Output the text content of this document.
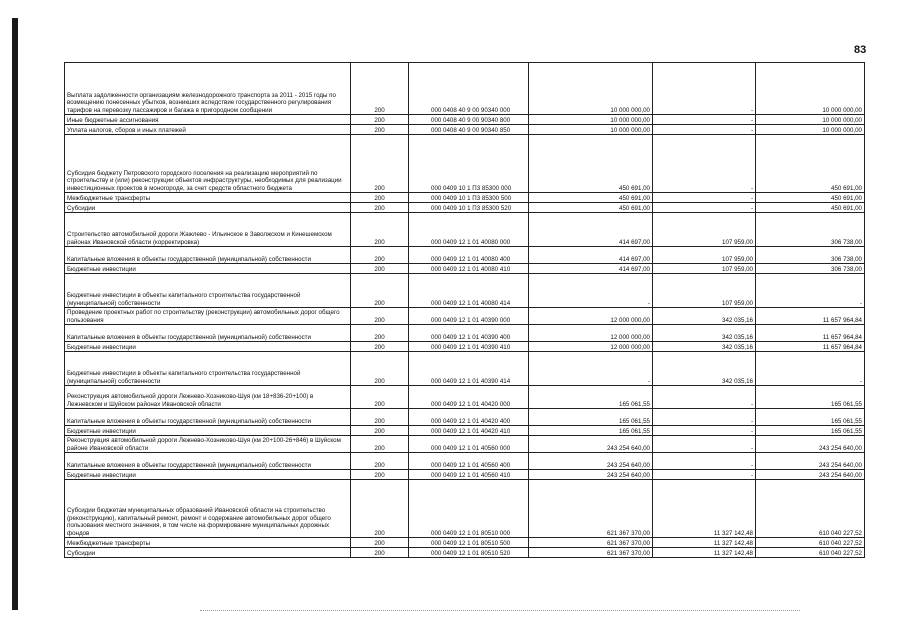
83
Выплата задолженности организациям железнодорожного транспорта за 2011 - 2015 годы по возмещению понесенных убытков, возникших вследствие государственного регулирования тарифов на перевозку пассажиров и багажа в пригородном сообщении	200	000 0408 40 9 00 90340 000	10 000 000,00	-	10 000 000,00
Иные бюджетные ассигнования	200	000 0408 40 9 00 90340 800	10 000 000,00	-	10 000 000,00
Уплата налогов, сборов и иных платежей	200	000 0408 40 9 00 90340 850	10 000 000,00	-	10 000 000,00
Субсидия бюджету Петровского городского поселения на реализацию мероприятий по строительству и (или) реконструкции объектов инфраструктуры, необходимых для реализации инвестиционных проектов в моногороде, за счет средств областного бюджета	200	000 0409 10 1 П3 85300 000	450 691,00	-	450 691,00
Межбюджетные трансферты	200	000 0409 10 1 П3 85300 500	450 691,00	-	450 691,00
Субсидии	200	000 0409 10 1 П3 85300 520	450 691,00	-	450 691,00
Строительство автомобильной дороги Жажлево - Ильинское в Заволжском и Кинешемском районах Ивановской области (корректировка)	200	000 0409 12 1 01 40080 000	414 697,00	107 959,00	306 738,00
Капитальные вложения в объекты государственной (муниципальной) собственности	200	000 0409 12 1 01 40080 400	414 697,00	107 959,00	306 738,00
Бюджетные инвестиции	200	000 0409 12 1 01 40080 410	414 697,00	107 959,00	306 738,00
Бюджетные инвестиции в объекты капитального строительства государственной (муниципальной) собственности	200	000 0409 12 1 01 40080 414	-	107 959,00	-
Проведение проектных работ по строительству (реконструкции) автомобильных дорог общего пользования	200	000 0409 12 1 01 40390 000	12 000 000,00	342 035,16	11 657 964,84
Капитальные вложения в объекты государственной (муниципальной) собственности	200	000 0409 12 1 01 40390 400	12 000 000,00	342 035,16	11 657 964,84
Бюджетные инвестиции	200	000 0409 12 1 01 40390 410	12 000 000,00	342 035,16	11 657 964,84
Бюджетные инвестиции в объекты капитального строительства государственной (муниципальной) собственности	200	000 0409 12 1 01 40390 414	-	342 035,16	-
Реконструкция автомобильной дороги Лежнево-Хозниково-Шуя (км 18+836-20+100) в Лежневском и Шуйском районах Ивановской области	200	000 0409 12 1 01 40420 000	165 061,55	-	165 061,55
Капитальные вложения в объекты государственной (муниципальной) собственности	200	000 0409 12 1 01 40420 400	165 061,55	-	165 061,55
Бюджетные инвестиции	200	000 0409 12 1 01 40420 410	165 061,55	-	165 061,55
Реконструкция автомобильной дороги Лежнево-Хозниково-Шуя (км 20+100-26+846) в Шуйском районе Ивановской области	200	000 0409 12 1 01 40560 000	243 254 640,00	-	243 254 640,00
Капитальные вложения в объекты государственной (муниципальной) собственности	200	000 0409 12 1 01 40560 400	243 254 640,00	-	243 254 640,00
Бюджетные инвестиции	200	000 0409 12 1 01 40560 410	243 254 640,00	-	243 254 640,00
Субсидии бюджетам муниципальных образований Ивановской области на строительство (реконструкцию), капитальный ремонт, ремонт и содержание автомобильных дорог общего пользования местного значения, в том числе на формирование муниципальных дорожных фондов	200	000 0409 12 1 01 80510 000	621 367 370,00	11 327 142,48	610 040 227,52
Межбюджетные трансферты	200	000 0409 12 1 01 80510 500	621 367 370,00	11 327 142,48	610 040 227,52
Субсидии	200	000 0409 12 1 01 80510 520	621 367 370,00	11 327 142,48	610 040 227,52
